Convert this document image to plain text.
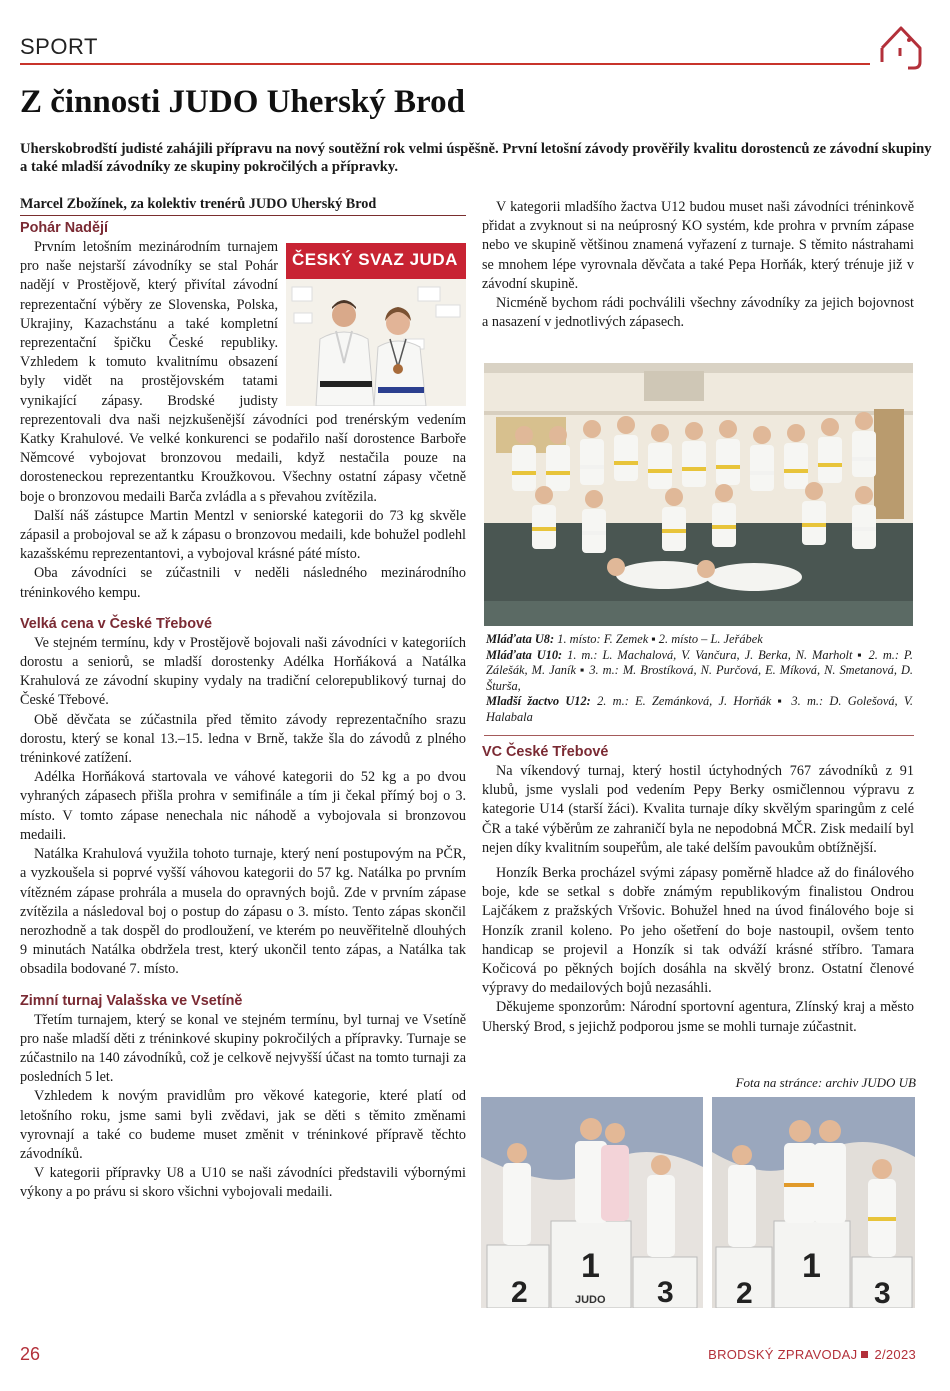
SPORT
Z činnosti JUDO Uherský Brod

Uherskobrodští judisté zahájili přípravu na nový soutěžní rok velmi úspěšně. První letošní závody prověřily kvalitu dorostenců ze závodní skupiny a také mladší závodníky ze skupiny pokročilých a přípravky.

Marcel Zbožínek, za kolektiv trenérů JUDO Uherský Brod
Pohár Nadějí
ČESKÝ SVAZ JUDA

Prvním letošním mezinárodním turnajem pro naše nejstarší závodníky se stal Pohár nadějí v Prostějově, který přivítal závodní reprezentační výběry ze Slovenska, Polska, Ukrajiny, Kazachstánu a také kompletní reprezentační špičku České republiky. Vzhledem k tomuto kvalitnímu obsazení byly vidět na prostějovském tatami vynikající zápasy. Brodské judisty reprezentovali dva naši nejzkušenější závodníci pod trenérským vedením Katky Krahulové. Ve velké konkurenci se podařilo naší dorostence Barboře Němcové vybojovat bronzovou medaili, když nestačila pouze na dorosteneckou reprezentantku Kroužkovou. Všechny ostatní zápasy včetně boje o bronzovou medaili Barča zvládla a s převahou zvítězila.

Další náš zástupce Martin Mentzl v seniorské kategorii do 73 kg skvěle zápasil a probojoval se až k zápasu o bronzovou medaili, kde bohužel podlehl kazašskému reprezentantovi, a vybojoval krásné páté místo.

Oba závodníci se zúčastnili v neděli následného mezinárodního tréninkového kempu.

Velká cena v České Třebové

Ve stejném termínu, kdy v Prostějově bojovali naši závodníci v kategoriích dorostu a seniorů, se mladší dorostenky Adélka Horňáková a Natálka Krahulová ze závodní skupiny vydaly na tradiční celorepublikový turnaj do České Třebové.

Obě děvčata se zúčastnila před těmito závody reprezentačního srazu dorostu, který se konal 13.–15. ledna v Brně, takže šla do závodů z plného tréninkové zatížení.

Adélka Horňáková startovala ve váhové kategorii do 52 kg a po dvou vyhraných zápasech přišla prohra v semifinále a tím ji čekal přímý boj o 3. místo. V tomto zápase nenechala nic náhodě a vybojovala si bronzovou medaili.

Natálka Krahulová využila tohoto turnaje, který není postupovým na PČR, a vyzkoušela si poprvé vyšší váhovou kategorii do 57 kg. Natálka po prvním vítězném zápase prohrála a musela do opravných bojů. Zde v prvním zápase zvítězila a následoval boj o postup do zápasu o 3. místo. Tento zápas skončil nerozhodně a tak dospěl do prodloužení, ve kterém po neuvěřitelně dlouhých 9 minutách Natálka obdržela trest, který ukončil tento zápas, a Natálka tak obsadila bodované 7. místo.

Zimní turnaj Valašska ve Vsetíně

Třetím turnajem, který se konal ve stejném termínu, byl turnaj ve Vsetíně pro naše mladší děti z tréninkové skupiny pokročilých a přípravky. Turnaje se zúčastnilo na 140 závodníků, což je celkově nejvyšší účast na tomto turnaji za posledních 5 let.

Vzhledem k novým pravidlům pro věkové kategorie, které platí od letošního roku, jsme sami byli zvědavi, jak se děti s těmito změnami vyrovnají a také co budeme muset změnit v tréninkové přípravě těchto závodníků.

V kategorii přípravky U8 a U10 se naši závodníci představili výbornými výkony a po právu si skoro všichni vybojovali medaili.

V kategorii mladšího žactva U12 budou muset naši závodníci tréninkově přidat a zvyknout si na neúprosný KO systém, kde prohra v prvním zápase nebo ve skupině většinou znamená vyřazení z turnaje. S těmito nástrahami se mnohem lépe vyrovnala děvčata a také Pepa Horňák, který trénuje již v závodní skupině.

Nicméně bychom rádi pochválili všechny závodníky za jejich bojovnost a nasazení v jednotlivých zápasech.

Mláďata U8: 1. místo: F. Zemek ▪ 2. místo – L. Jeřábek
Mláďata U10: 1. m.: L. Machalová, V. Vančura, J. Berka, N. Marholt ▪ 2. m.: P. Zálešák, M. Janík ▪ 3. m.: M. Brostíková, N. Purčová, E. Míková, N. Smetanová, D. Šturša,
Mladší žactvo U12: 2. m.: E. Zemánková, J. Horňák ▪ 3. m.: D. Golešová, V. Halabala
VC České Třebové

Na víkendový turnaj, který hostil úctyhodných 767 závodníků z 91 klubů, jsme vyslali pod vedením Pepy Berky osmičlennou výpravu z kategorie U14 (starší žáci). Kvalita turnaje díky skvělým sparingům z celé ČR a také výběrům ze zahraničí byla ne nepodobná MČR. Zisk medailí byl nejen díky kvalitním soupeřům, ale také delším pavoukům obtížnější.

Honzík Berka procházel svými zápasy poměrně hladce až do finálového boje, kde se setkal s dobře známým republikovým finalistou Ondrou Lajčákem z pražských Vršovic. Bohužel hned na úvod finálového boje si Honzík zranil koleno. Po jeho ošetření do boje nastoupil, ovšem tento handicap se projevil a Honzík si tak odváží krásné stříbro. Tamara Kočicová po pěkných bojích dosáhla na skvělý bronz. Ostatní členové výpravy do medailových bojů nezasáhli.

Děkujeme sponzorům: Národní sportovní agentura, Zlínský kraj a město Uherský Brod, s jejichž podporou jsme se mohli turnaje zúčastnit.

Fota na stránce: archiv JUDO UB
2
1
3
JUDO	2
1
3
26	BRODSKÝ ZPRAVODAJ 2/2023
